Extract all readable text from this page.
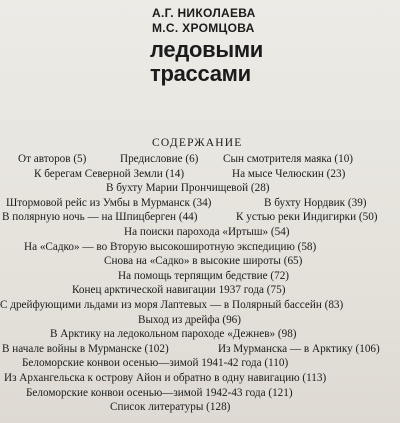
А.Г. НИКОЛАЕВА
М.С. ХРОМЦОВА
ледовыми
трассами
СОДЕРЖАНИЕ
От авторов (5)	Предисловие (6) Сын смотрителя маяка (10)
К берегам Северной Земли (14)	На мысе Челюскин (23)
В бухту Марии Прончищевой (28)
Штормовой рейс из Умбы в Мурманск (34)	В бухту Нордвик (39)
В полярную ночь — на Шпицберген (44)	К устью реки Индигирки (50)
На поиски парохода «Иртыш» (54)
На «Садко» — во Вторую высокоширотную экспедицию (58)
Снова на «Садко» в высокие широты (65)
На помощь терпящим бедствие (72)
Конец арктической навигации 1937 года (75)
С дрейфующими льдами из моря Лаптевых — в Полярный бассейн (83)
Выход из дрейфа (96)
В Арктику на ледокольном пароходе «Дежнев» (98)
В начале войны в Мурманске (102)	Из Мурманска — в Арктику (106)
Беломорские конвои осенью—зимой 1941-42 года (110)
Из Архангельска к острову Айон и обратно в одну навигацию (113)
Беломорские конвои осенью—зимой 1942-43 года (121)
Список литературы (128)
